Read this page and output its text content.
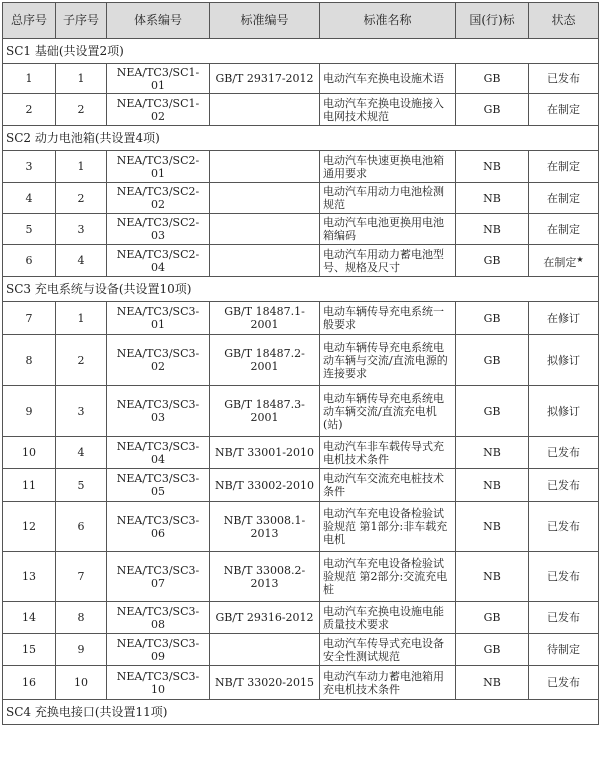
总序号	子序号	体系编号	标准编号	标准名称	国(行)标	状态
SC1 基础(共设置2项)						
1	1	NEA/TC3/SC1-01	GB/T 29317-2012	电动汽车充换电设施术语	GB	已发布
2	2	NEA/TC3/SC1-02		电动汽车充换电设施接入电网技术规范	GB	在制定
SC2 动力电池箱(共设置4项)						
3	1	NEA/TC3/SC2-01		电动汽车快速更换电池箱通用要求	NB	在制定
4	2	NEA/TC3/SC2-02		电动汽车用动力电池检测规范	NB	在制定
5	3	NEA/TC3/SC2-03		电动汽车电池更换用电池箱编码	NB	在制定
6	4	NEA/TC3/SC2-04		电动汽车用动力蓄电池型号、规格及尺寸	GB	在制定★
SC3 充电系统与设备(共设置10项)						
7	1	NEA/TC3/SC3-01	GB/T 18487.1-2001	电动车辆传导充电系统一般要求	GB	在修订
8	2	NEA/TC3/SC3-02	GB/T 18487.2-2001	电动车辆传导充电系统电动车辆与交流/直流电源的连接要求	GB	拟修订
9	3	NEA/TC3/SC3-03	GB/T 18487.3-2001	电动车辆传导充电系统电动车辆交流/直流充电机(站)	GB	拟修订
10	4	NEA/TC3/SC3-04	NB/T 33001-2010	电动汽车非车载传导式充电机技术条件	NB	已发布
11	5	NEA/TC3/SC3-05	NB/T 33002-2010	电动汽车交流充电桩技术条件	NB	已发布
12	6	NEA/TC3/SC3-06	NB/T 33008.1-2013	电动汽车充电设备检验试验规范 第1部分:非车载充电机	NB	已发布
13	7	NEA/TC3/SC3-07	NB/T 33008.2-2013	电动汽车充电设备检验试验规范 第2部分:交流充电桩	NB	已发布
14	8	NEA/TC3/SC3-08	GB/T 29316-2012	电动汽车充换电设施电能质量技术要求	GB	已发布
15	9	NEA/TC3/SC3-09		电动汽车传导式充电设备安全性测试规范	GB	待制定
16	10	NEA/TC3/SC3-10	NB/T 33020-2015	电动汽车动力蓄电池箱用充电机技术条件	NB	已发布
SC4 充换电接口(共设置11项)						
